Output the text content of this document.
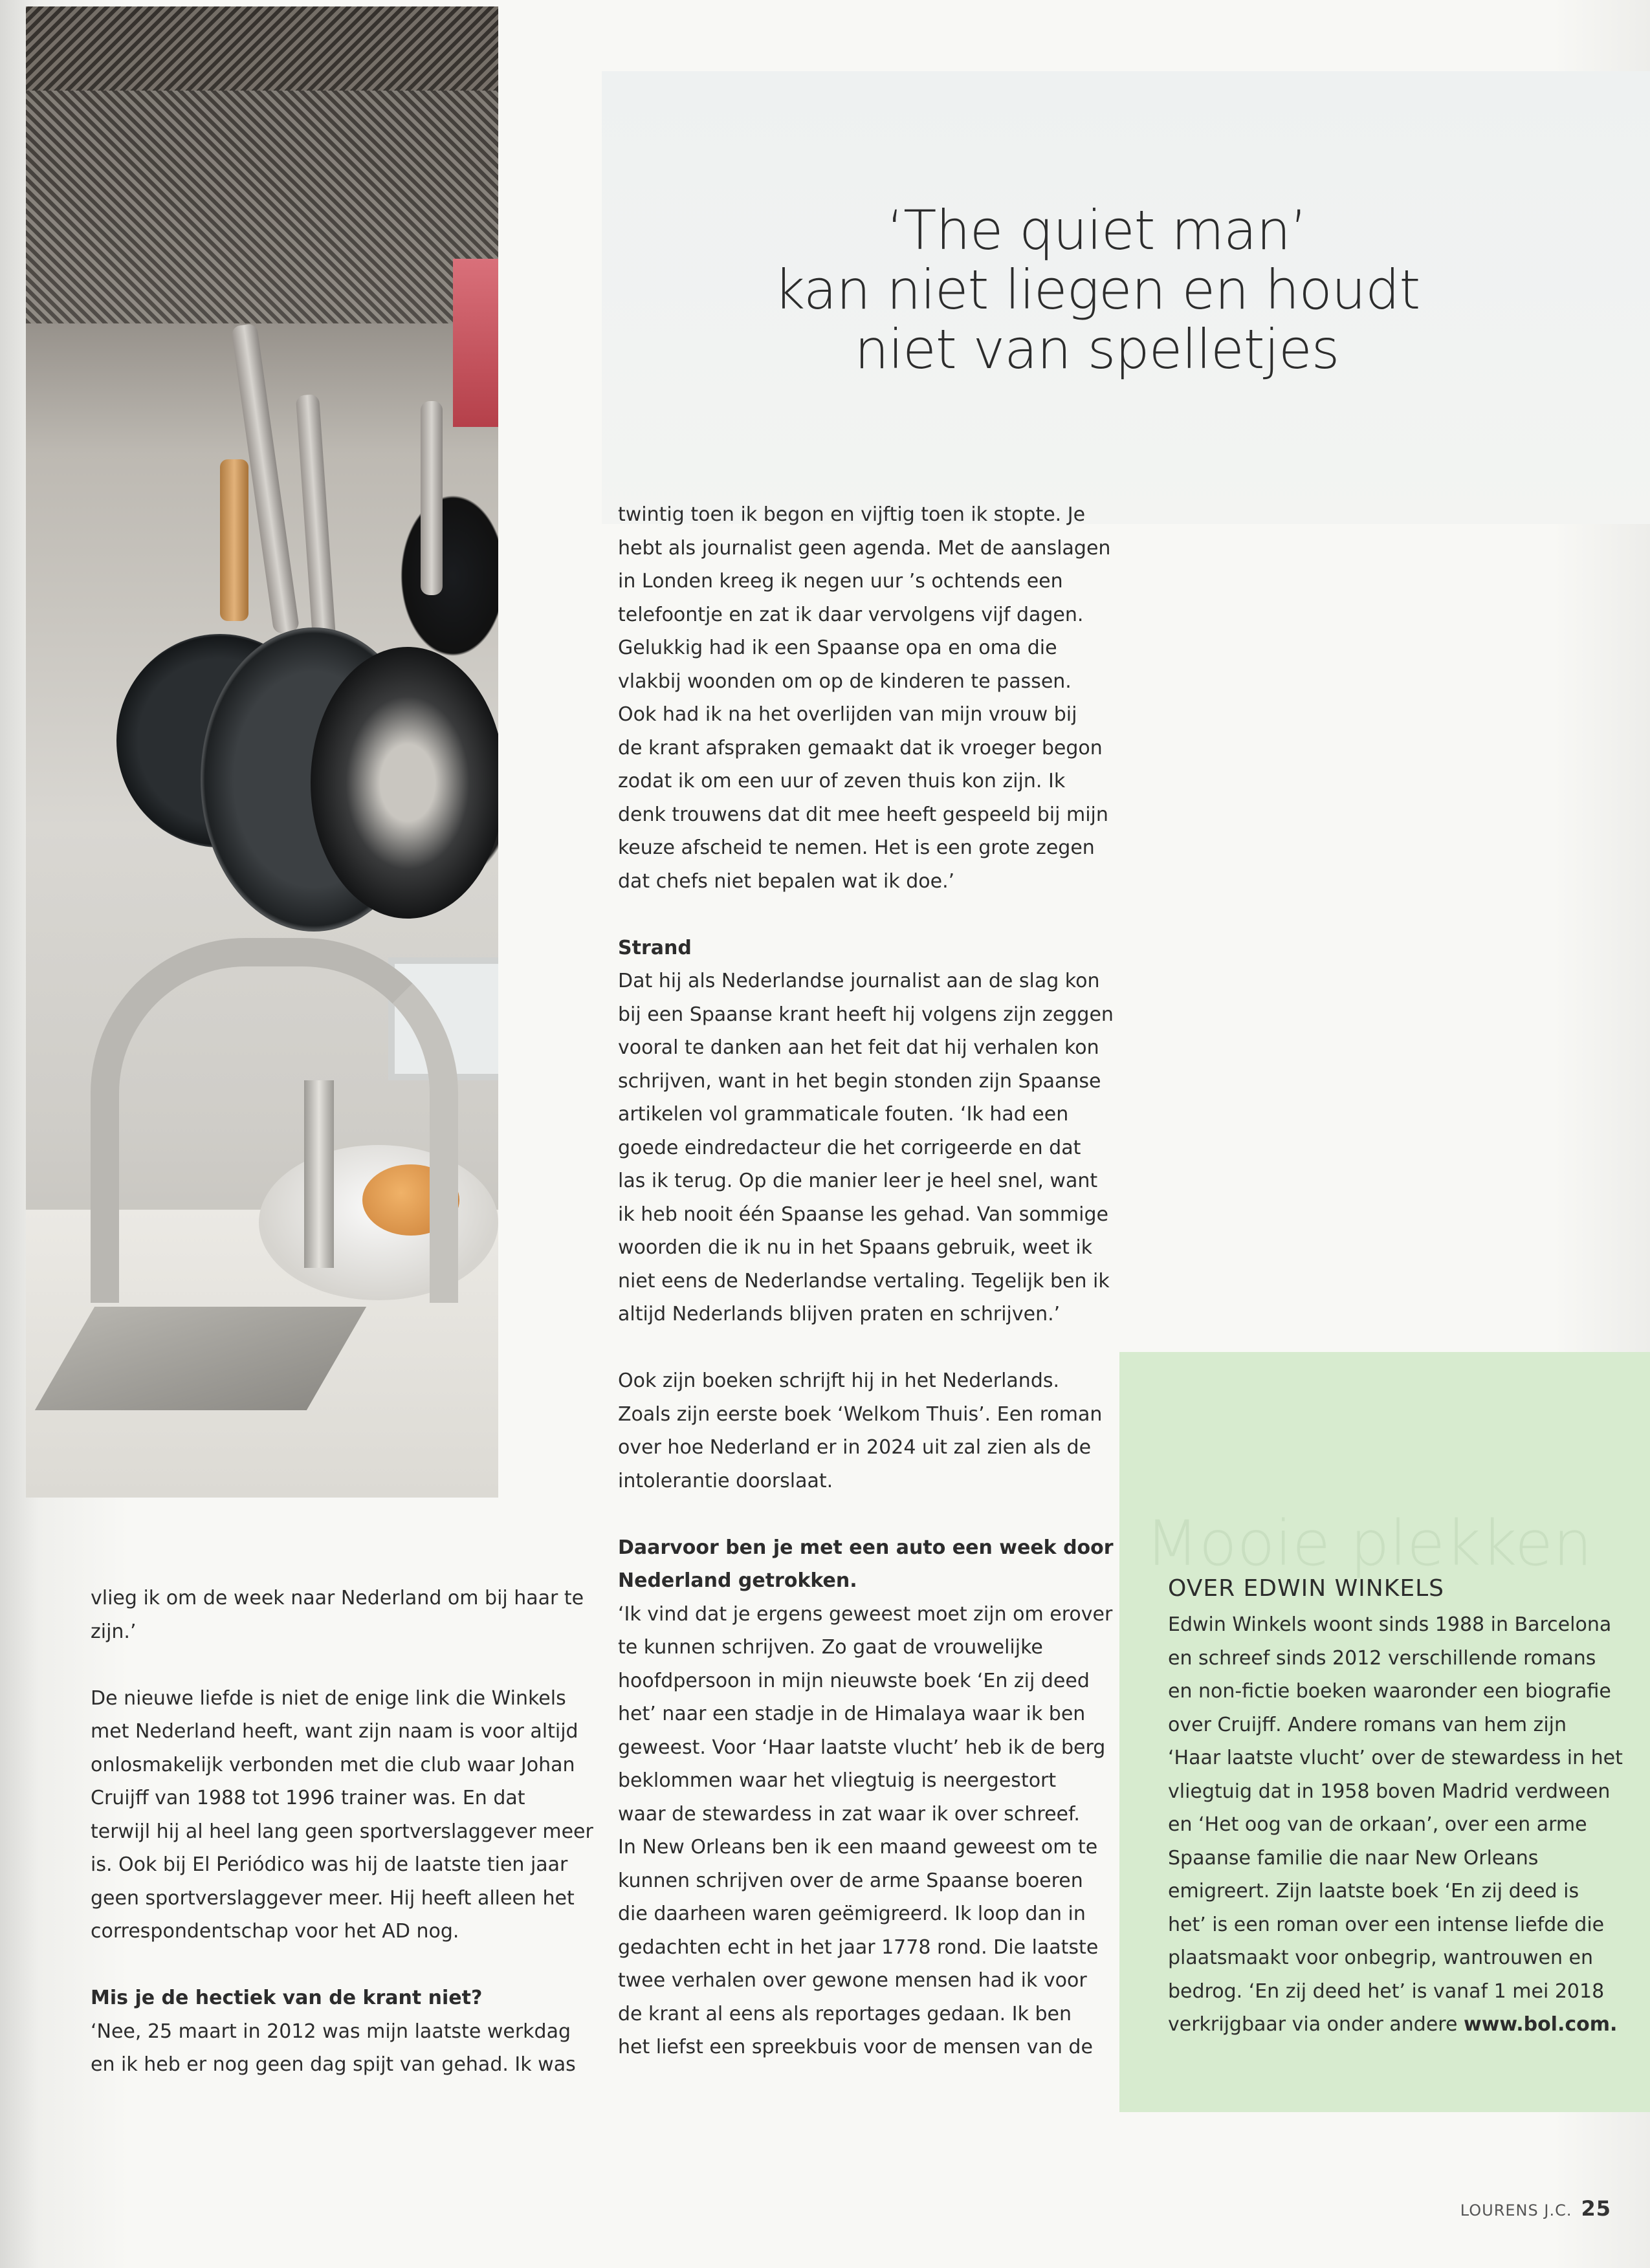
‘The quiet man’
kan niet liegen en houdt
niet van spelletjes

vlieg ik om de week naar Nederland om bij haar te
zijn.’

De nieuwe liefde is niet de enige link die Winkels
met Nederland heeft, want zijn naam is voor altijd
onlosmakelijk verbonden met die club waar Johan
Cruijff van 1988 tot 1996 trainer was. En dat
terwijl hij al heel lang geen sportverslaggever meer
is. Ook bij El Periódico was hij de laatste tien jaar
geen sportverslaggever meer. Hij heeft alleen het
correspondentschap voor het AD nog.

Mis je de hectiek van de krant niet?

‘Nee, 25 maart in 2012 was mijn laatste werkdag
en ik heb er nog geen dag spijt van gehad. Ik was

twintig toen ik begon en vijftig toen ik stopte. Je
hebt als journalist geen agenda. Met de aanslagen
in Londen kreeg ik negen uur ’s ochtends een
telefoontje en zat ik daar vervolgens vijf dagen.
Gelukkig had ik een Spaanse opa en oma die
vlakbij woonden om op de kinderen te passen.
Ook had ik na het overlijden van mijn vrouw bij
de krant afspraken gemaakt dat ik vroeger begon
zodat ik om een uur of zeven thuis kon zijn. Ik
denk trouwens dat dit mee heeft gespeeld bij mijn
keuze afscheid te nemen. Het is een grote zegen
dat chefs niet bepalen wat ik doe.’

Strand

Dat hij als Nederlandse journalist aan de slag kon
bij een Spaanse krant heeft hij volgens zijn zeggen
vooral te danken aan het feit dat hij verhalen kon
schrijven, want in het begin stonden zijn Spaanse
artikelen vol grammaticale fouten. ‘Ik had een
goede eindredacteur die het corrigeerde en dat
las ik terug. Op die manier leer je heel snel, want
ik heb nooit één Spaanse les gehad. Van sommige
woorden die ik nu in het Spaans gebruik, weet ik
niet eens de Nederlandse vertaling. Tegelijk ben ik
altijd Nederlands blijven praten en schrijven.’

Ook zijn boeken schrijft hij in het Nederlands.
Zoals zijn eerste boek ‘Welkom Thuis’. Een roman
over hoe Nederland er in 2024 uit zal zien als de
intolerantie doorslaat.

Daarvoor ben je met een auto een week door
Nederland getrokken.

‘Ik vind dat je ergens geweest moet zijn om erover
te kunnen schrijven. Zo gaat de vrouwelijke
hoofdpersoon in mijn nieuwste boek ‘En zij deed
het’ naar een stadje in de Himalaya waar ik ben
geweest. Voor ‘Haar laatste vlucht’ heb ik de berg
beklommen waar het vliegtuig is neergestort
waar de stewardess in zat waar ik over schreef.
In New Orleans ben ik een maand geweest om te
kunnen schrijven over de arme Spaanse boeren
die daarheen waren geëmigreerd. Ik loop dan in
gedachten echt in het jaar 1778 rond. Die laatste
twee verhalen over gewone mensen had ik voor
de krant al eens als reportages gedaan. Ik ben
het liefst een spreekbuis voor de mensen van de

Mooie plekken
OVER EDWIN WINKELS
Edwin Winkels woont sinds 1988 in Barcelona
en schreef sinds 2012 verschillende romans
en non-fictie boeken waaronder een biografie
over Cruijff. Andere romans van hem zijn
‘Haar laatste vlucht’ over de stewardess in het
vliegtuig dat in 1958 boven Madrid verdween
en ‘Het oog van de orkaan’, over een arme
Spaanse familie die naar New Orleans
emigreert. Zijn laatste boek ‘En zij deed is
het’ is een roman over een intense liefde die
plaatsmaakt voor onbegrip, wantrouwen en
bedrog. ‘En zij deed het’ is vanaf 1 mei 2018
verkrijgbaar via onder andere www.bol.com.
LOURENS J.C. 25
